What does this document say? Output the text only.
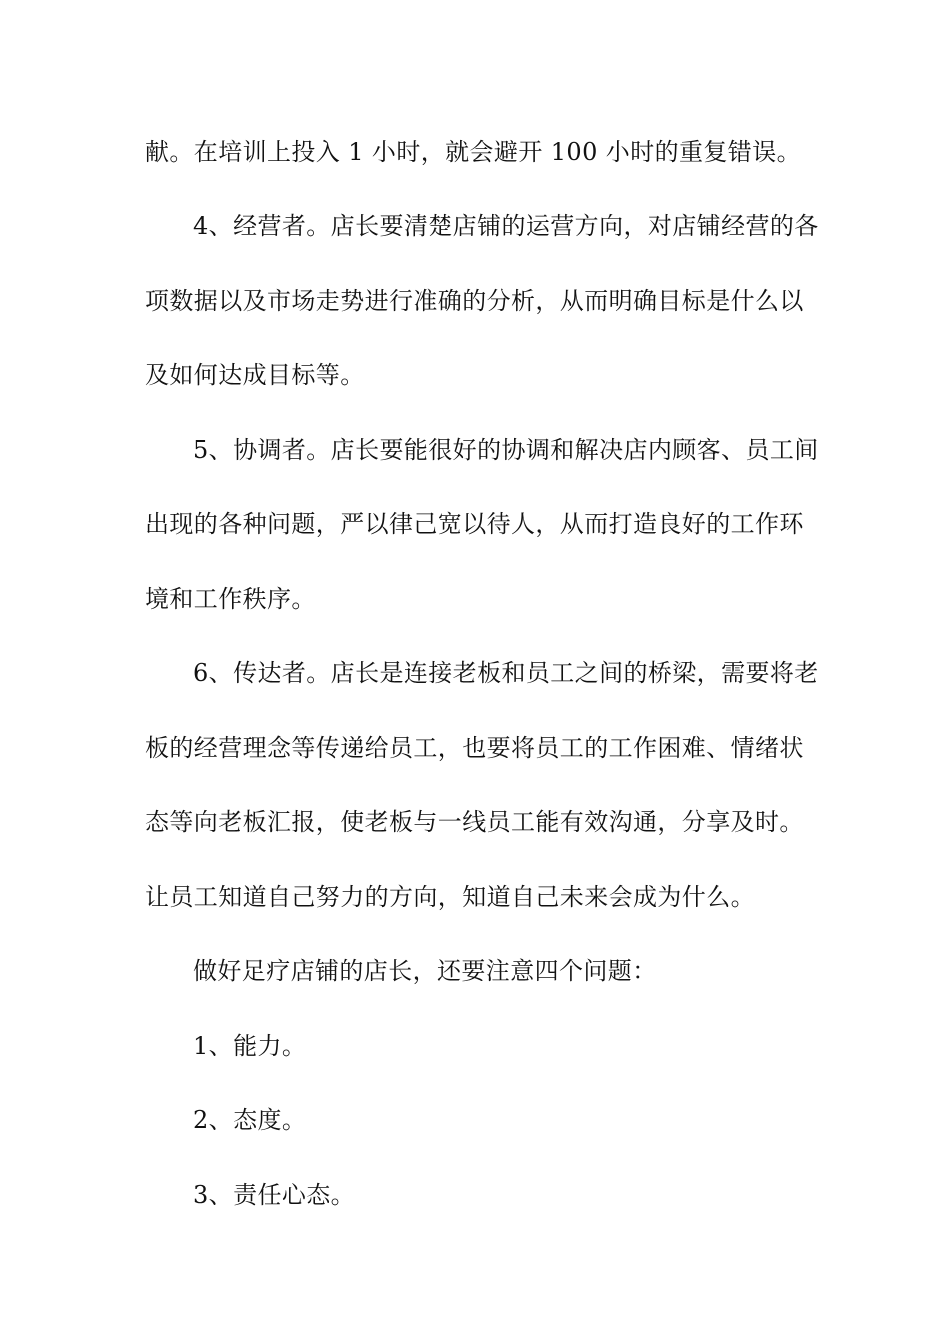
献。在培训上投入 1 小时，就会避开 100 小时的重复错误。
4、经营者。店长要清楚店铺的运营方向，对店铺经营的各
项数据以及市场走势进行准确的分析，从而明确目标是什么以
及如何达成目标等。
5、协调者。店长要能很好的协调和解决店内顾客、员工间
出现的各种问题，严以律己宽以待人，从而打造良好的工作环
境和工作秩序。
6、传达者。店长是连接老板和员工之间的桥梁，需要将老
板的经营理念等传递给员工，也要将员工的工作困难、情绪状
态等向老板汇报，使老板与一线员工能有效沟通，分享及时。
让员工知道自己努力的方向，知道自己未来会成为什么。
做好足疗店铺的店长，还要注意四个问题：
1、能力。
2、态度。
3、责任心态。
